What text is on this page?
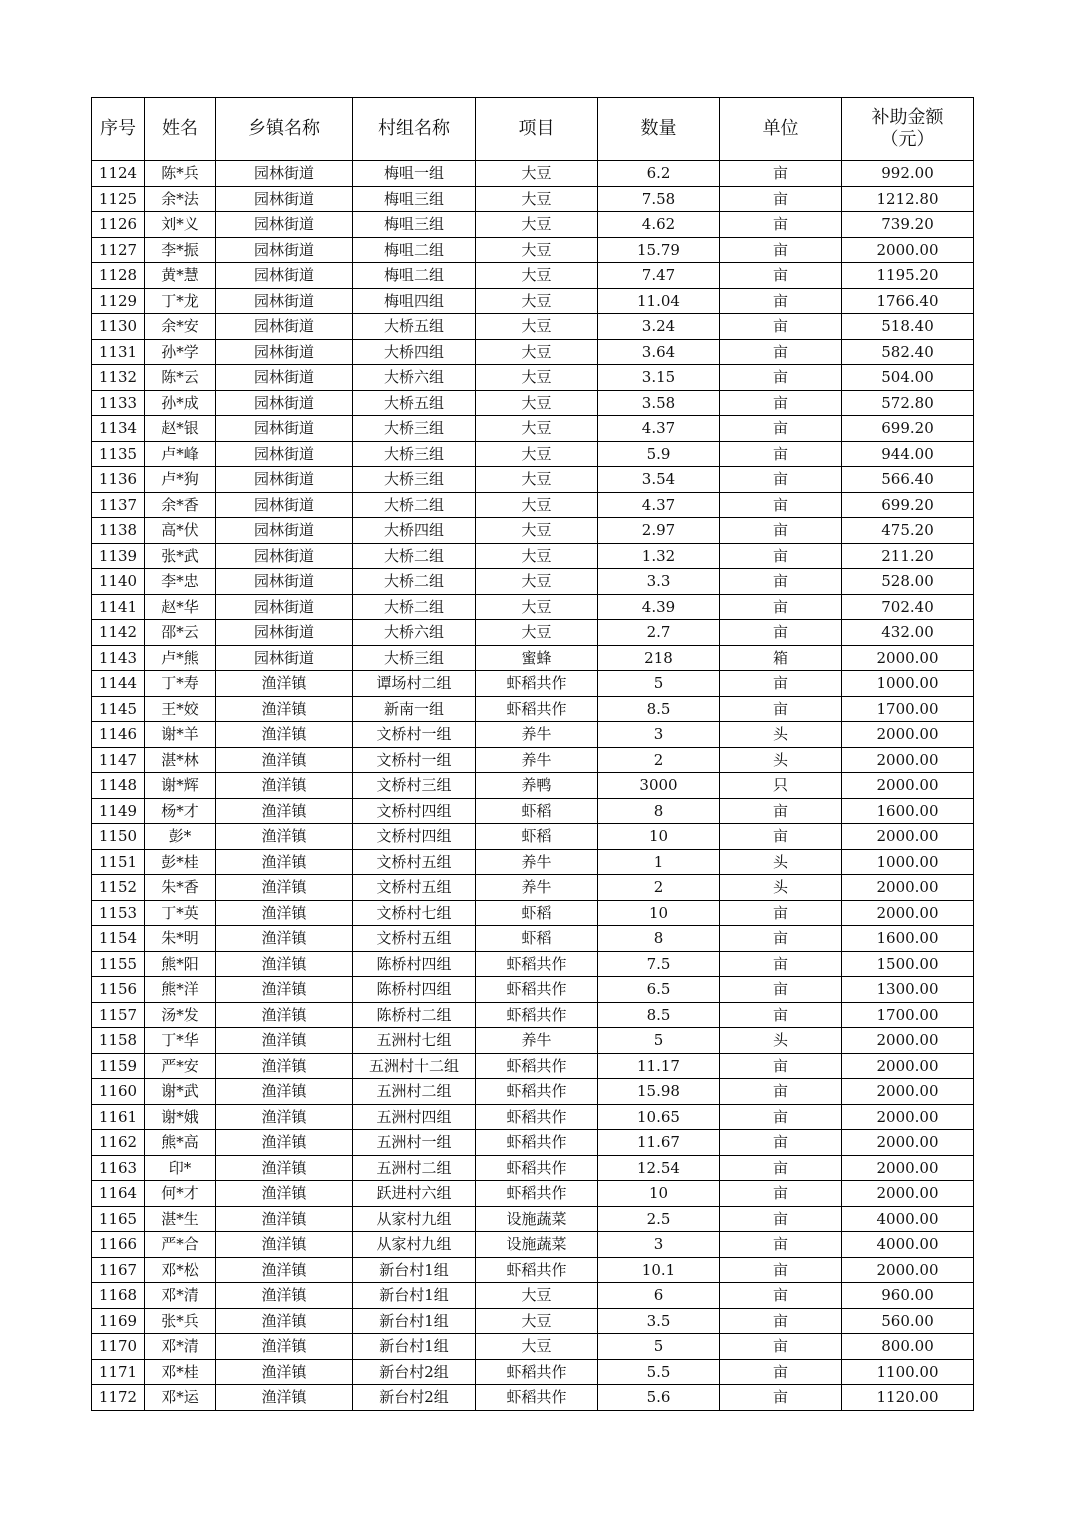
序号	姓名	乡镇名称	村组名称	项目	数量	单位	补助金额
（元）
1124	陈*兵	园林街道	梅咀一组	大豆	6.2	亩	992.00
1125	余*法	园林街道	梅咀三组	大豆	7.58	亩	1212.80
1126	刘*义	园林街道	梅咀三组	大豆	4.62	亩	739.20
1127	李*振	园林街道	梅咀二组	大豆	15.79	亩	2000.00
1128	黄*慧	园林街道	梅咀二组	大豆	7.47	亩	1195.20
1129	丁*龙	园林街道	梅咀四组	大豆	11.04	亩	1766.40
1130	余*安	园林街道	大桥五组	大豆	3.24	亩	518.40
1131	孙*学	园林街道	大桥四组	大豆	3.64	亩	582.40
1132	陈*云	园林街道	大桥六组	大豆	3.15	亩	504.00
1133	孙*成	园林街道	大桥五组	大豆	3.58	亩	572.80
1134	赵*银	园林街道	大桥三组	大豆	4.37	亩	699.20
1135	卢*峰	园林街道	大桥三组	大豆	5.9	亩	944.00
1136	卢*狗	园林街道	大桥三组	大豆	3.54	亩	566.40
1137	余*香	园林街道	大桥二组	大豆	4.37	亩	699.20
1138	高*伏	园林街道	大桥四组	大豆	2.97	亩	475.20
1139	张*武	园林街道	大桥二组	大豆	1.32	亩	211.20
1140	李*忠	园林街道	大桥二组	大豆	3.3	亩	528.00
1141	赵*华	园林街道	大桥二组	大豆	4.39	亩	702.40
1142	邵*云	园林街道	大桥六组	大豆	2.7	亩	432.00
1143	卢*熊	园林街道	大桥三组	蜜蜂	218	箱	2000.00
1144	丁*寿	渔洋镇	谭场村二组	虾稻共作	5	亩	1000.00
1145	王*姣	渔洋镇	新南一组	虾稻共作	8.5	亩	1700.00
1146	谢*羊	渔洋镇	文桥村一组	养牛	3	头	2000.00
1147	湛*林	渔洋镇	文桥村一组	养牛	2	头	2000.00
1148	谢*辉	渔洋镇	文桥村三组	养鸭	3000	只	2000.00
1149	杨*才	渔洋镇	文桥村四组	虾稻	8	亩	1600.00
1150	彭*	渔洋镇	文桥村四组	虾稻	10	亩	2000.00
1151	彭*桂	渔洋镇	文桥村五组	养牛	1	头	1000.00
1152	朱*香	渔洋镇	文桥村五组	养牛	2	头	2000.00
1153	丁*英	渔洋镇	文桥村七组	虾稻	10	亩	2000.00
1154	朱*明	渔洋镇	文桥村五组	虾稻	8	亩	1600.00
1155	熊*阳	渔洋镇	陈桥村四组	虾稻共作	7.5	亩	1500.00
1156	熊*洋	渔洋镇	陈桥村四组	虾稻共作	6.5	亩	1300.00
1157	汤*发	渔洋镇	陈桥村二组	虾稻共作	8.5	亩	1700.00
1158	丁*华	渔洋镇	五洲村七组	养牛	5	头	2000.00
1159	严*安	渔洋镇	五洲村十二组	虾稻共作	11.17	亩	2000.00
1160	谢*武	渔洋镇	五洲村二组	虾稻共作	15.98	亩	2000.00
1161	谢*娥	渔洋镇	五洲村四组	虾稻共作	10.65	亩	2000.00
1162	熊*高	渔洋镇	五洲村一组	虾稻共作	11.67	亩	2000.00
1163	印*	渔洋镇	五洲村二组	虾稻共作	12.54	亩	2000.00
1164	何*才	渔洋镇	跃进村六组	虾稻共作	10	亩	2000.00
1165	湛*生	渔洋镇	从家村九组	设施蔬菜	2.5	亩	4000.00
1166	严*合	渔洋镇	从家村九组	设施蔬菜	3	亩	4000.00
1167	邓*松	渔洋镇	新台村1组	虾稻共作	10.1	亩	2000.00
1168	邓*清	渔洋镇	新台村1组	大豆	6	亩	960.00
1169	张*兵	渔洋镇	新台村1组	大豆	3.5	亩	560.00
1170	邓*清	渔洋镇	新台村1组	大豆	5	亩	800.00
1171	邓*桂	渔洋镇	新台村2组	虾稻共作	5.5	亩	1100.00
1172	邓*运	渔洋镇	新台村2组	虾稻共作	5.6	亩	1120.00
